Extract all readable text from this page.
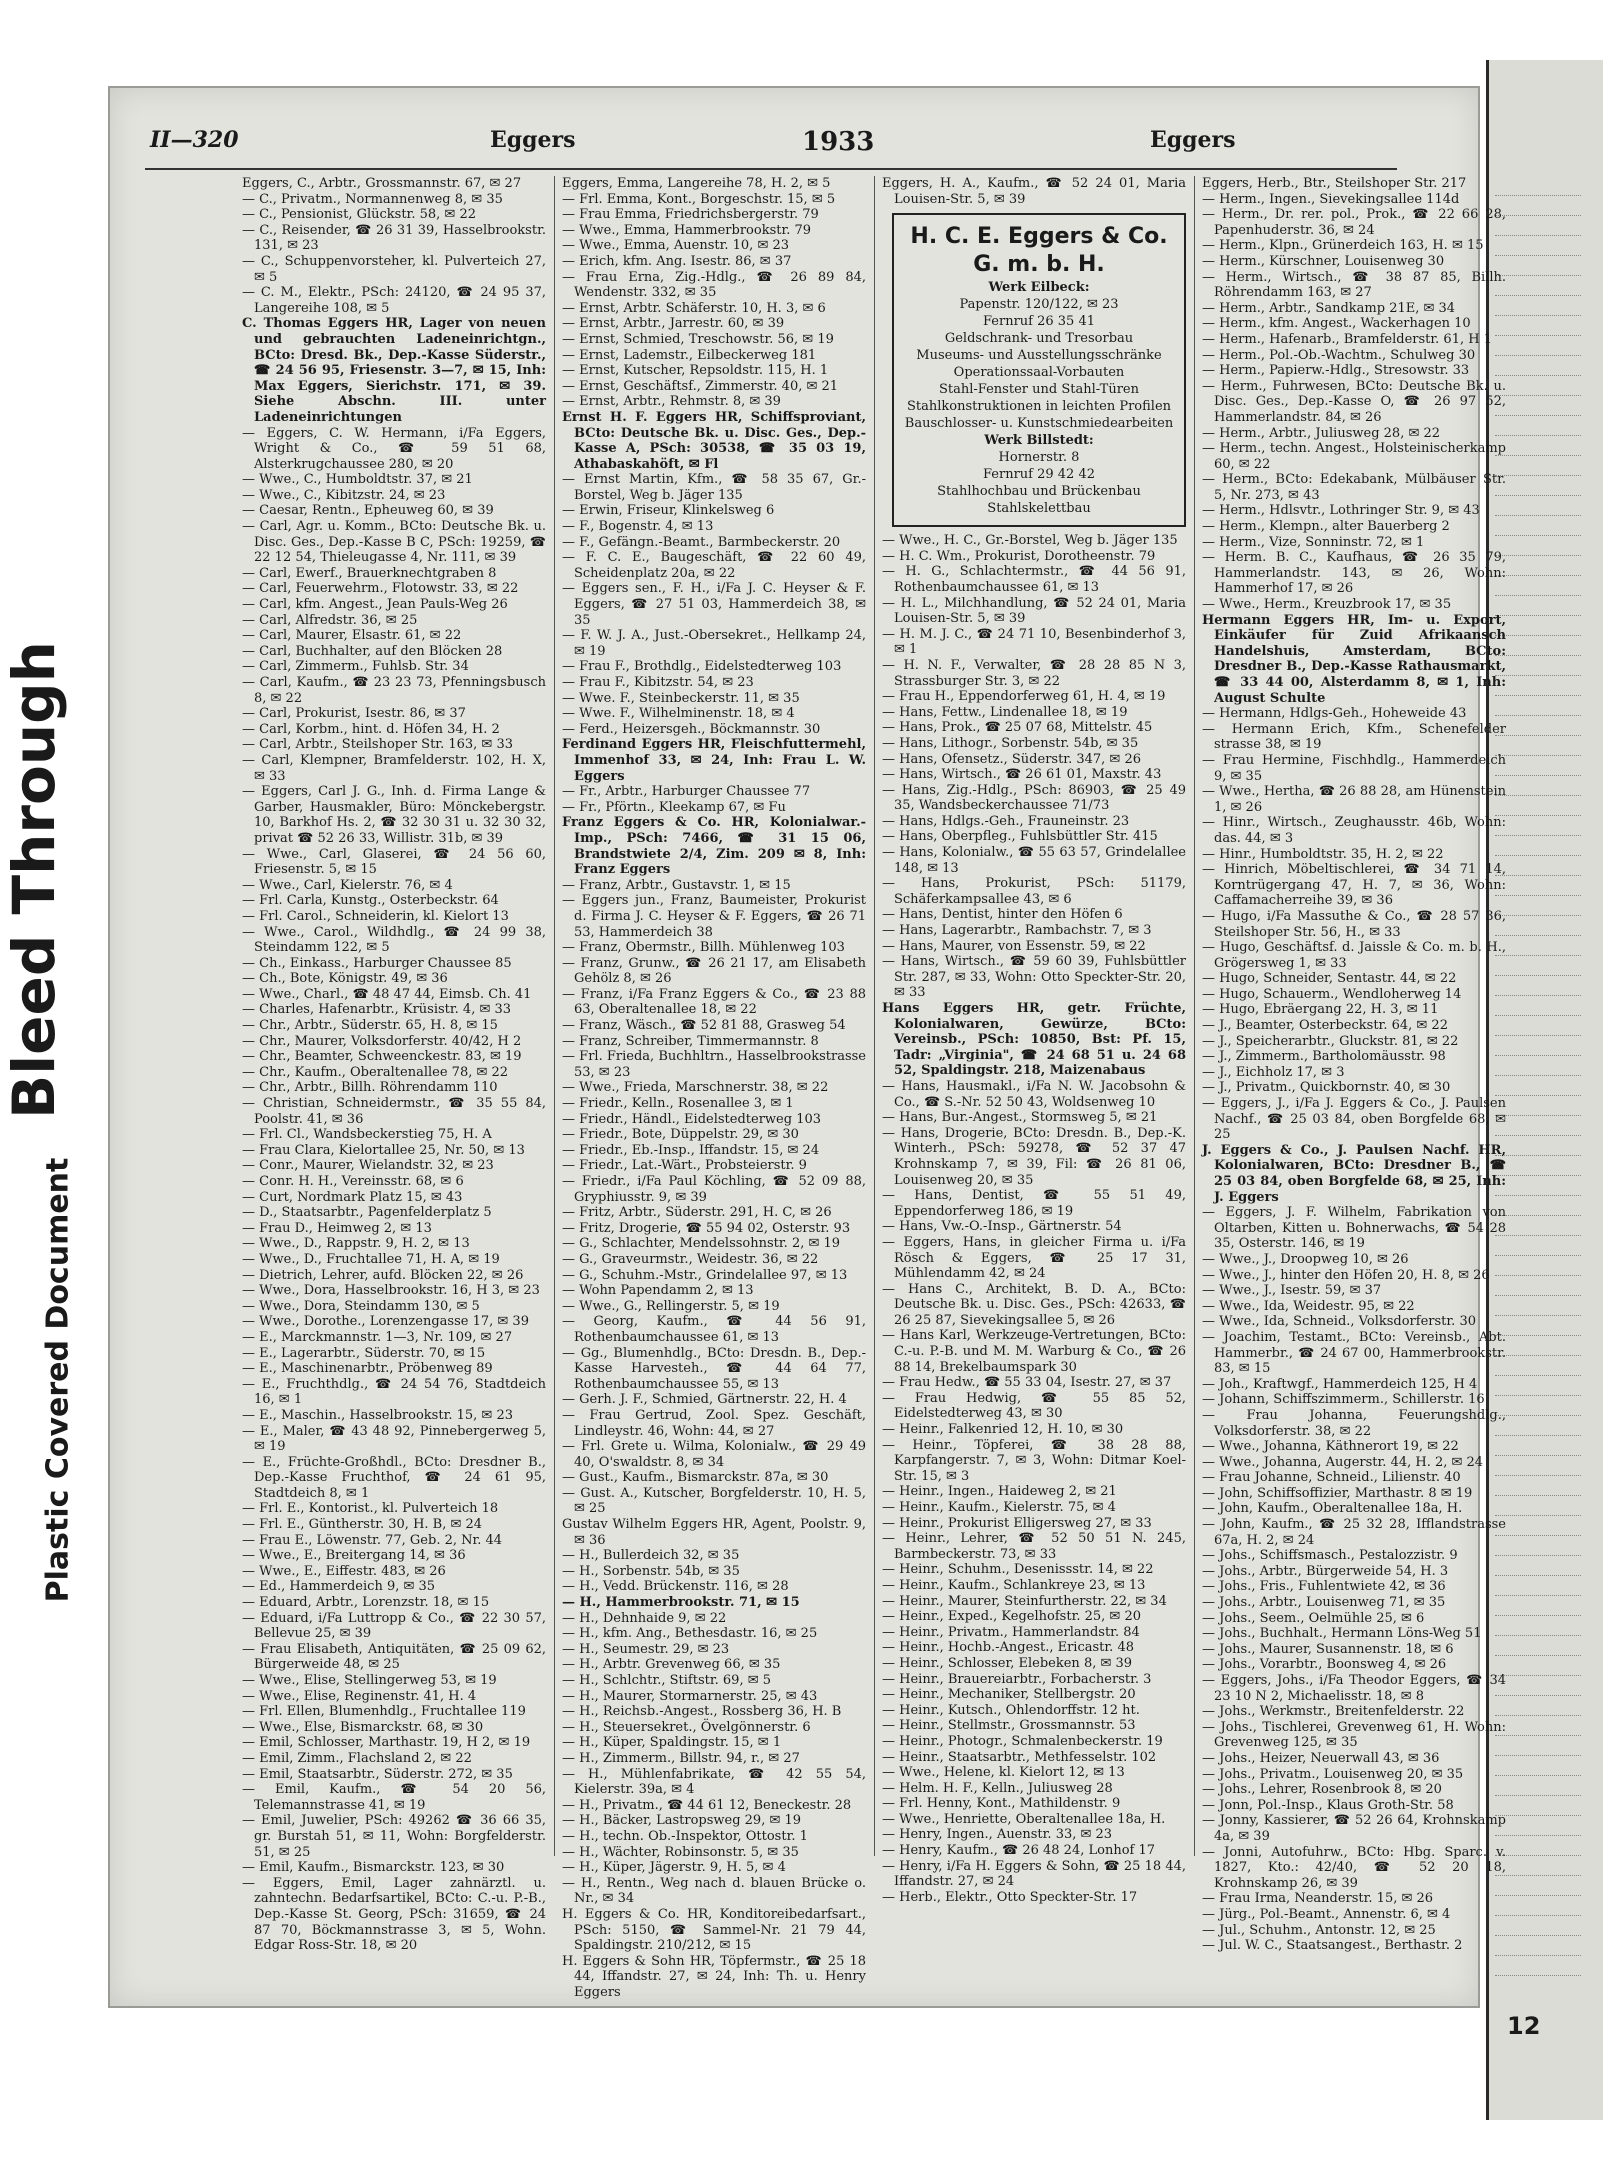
Bleed Through
Plastic Covered Document
12
II—320	Eggers	1933	Eggers
Eggers, C., Arbtr., Grossmannstr. 67, ✉ 27
— C., Privatm., Normannenweg 8, ✉ 35
— C., Pensionist, Glückstr. 58, ✉ 22
— C., Reisender, ☎ 26 31 39, Hasselbrookstr. 131, ✉ 23
— C., Schuppenvorsteher, kl. Pulverteich 27, ✉ 5
— C. M., Elektr., PSch: 24120, ☎ 24 95 37, Langereihe 108, ✉ 5
C. Thomas Eggers HR, Lager von neuen und gebrauchten Ladeneinrichtgn., BCto: Dresd. Bk., Dep.-Kasse Süderstr., ☎ 24 56 95, Friesenstr. 3—7, ✉ 15, Inh: Max Eggers, Sierichstr. 171, ✉ 39. Siehe Abschn. III. unter Ladeneinrichtungen
— Eggers, C. W. Hermann, i/Fa Eggers, Wright & Co., ☎ 59 51 68, Alsterkrugchaussee 280, ✉ 20
— Wwe., C., Humboldtstr. 37, ✉ 21
— Wwe., C., Kibitzstr. 24, ✉ 23
— Caesar, Rentn., Epheuweg 60, ✉ 39
— Carl, Agr. u. Komm., BCto: Deutsche Bk. u. Disc. Ges., Dep.-Kasse B C, PSch: 19259, ☎ 22 12 54, Thieleugasse 4, Nr. 111, ✉ 39
— Carl, Ewerf., Brauerknechtgraben 8
— Carl, Feuerwehrm., Flotowstr. 33, ✉ 22
— Carl, kfm. Angest., Jean Pauls-Weg 26
— Carl, Alfredstr. 36, ✉ 25
— Carl, Maurer, Elsastr. 61, ✉ 22
— Carl, Buchhalter, auf den Blöcken 28
— Carl, Zimmerm., Fuhlsb. Str. 34
— Carl, Kaufm., ☎ 23 23 73, Pfenningsbusch 8, ✉ 22
— Carl, Prokurist, Isestr. 86, ✉ 37
— Carl, Korbm., hint. d. Höfen 34, H. 2
— Carl, Arbtr., Steilshoper Str. 163, ✉ 33
— Carl, Klempner, Bramfelderstr. 102, H. X, ✉ 33
— Eggers, Carl J. G., Inh. d. Firma Lange & Garber, Hausmakler, Büro: Mönckebergstr. 10, Barkhof Hs. 2, ☎ 32 30 31 u. 32 30 32, privat ☎ 52 26 33, Willistr. 31b, ✉ 39
— Wwe., Carl, Glaserei, ☎ 24 56 60, Friesenstr. 5, ✉ 15
— Wwe., Carl, Kielerstr. 76, ✉ 4
— Frl. Carla, Kunstg., Osterbeckstr. 64
— Frl. Carol., Schneiderin, kl. Kielort 13
— Wwe., Carol., Wildhdlg., ☎ 24 99 38, Steindamm 122, ✉ 5
— Ch., Einkass., Harburger Chaussee 85
— Ch., Bote, Königstr. 49, ✉ 36
— Wwe., Charl., ☎ 48 47 44, Eimsb. Ch. 41
— Charles, Hafenarbtr., Krüsistr. 4, ✉ 33
— Chr., Arbtr., Süderstr. 65, H. 8, ✉ 15
— Chr., Maurer, Volksdorferstr. 40/42, H 2
— Chr., Beamter, Schweenckestr. 83, ✉ 19
— Chr., Kaufm., Oberaltenallee 78, ✉ 22
— Chr., Arbtr., Billh. Röhrendamm 110
— Christian, Schneidermstr., ☎ 35 55 84, Poolstr. 41, ✉ 36
— Frl. Cl., Wandsbeckerstieg 75, H. A
— Frau Clara, Kielortallee 25, Nr. 50, ✉ 13
— Conr., Maurer, Wielandstr. 32, ✉ 23
— Conr. H. H., Vereinsstr. 68, ✉ 6
— Curt, Nordmark Platz 15, ✉ 43
— D., Staatsarbtr., Pagenfelderplatz 5
— Frau D., Heimweg 2, ✉ 13
— Wwe., D., Rappstr. 9, H. 2, ✉ 13
— Wwe., D., Fruchtallee 71, H. A, ✉ 19
— Dietrich, Lehrer, aufd. Blöcken 22, ✉ 26
— Wwe., Dora, Hasselbrookstr. 16, H 3, ✉ 23
— Wwe., Dora, Steindamm 130, ✉ 5
— Wwe., Dorothe., Lorenzengasse 17, ✉ 39
— E., Marckmannstr. 1—3, Nr. 109, ✉ 27
— E., Lagerarbtr., Süderstr. 70, ✉ 15
— E., Maschinenarbtr., Pröbenweg 89
— E., Fruchthdlg., ☎ 24 54 76, Stadtdeich 16, ✉ 1
— E., Maschin., Hasselbrookstr. 15, ✉ 23
— E., Maler, ☎ 43 48 92, Pinnebergerweg 5, ✉ 19
— E., Früchte-Großhdl., BCto: Dresdner B., Dep.-Kasse Fruchthof, ☎ 24 61 95, Stadtdeich 8, ✉ 1
— Frl. E., Kontorist., kl. Pulverteich 18
— Frl. E., Güntherstr. 30, H. B, ✉ 24
— Frau E., Löwenstr. 77, Geb. 2, Nr. 44
— Wwe., E., Breitergang 14, ✉ 36
— Wwe., E., Eiffestr. 483, ✉ 26
— Ed., Hammerdeich 9, ✉ 35
— Eduard, Arbtr., Lorenzstr. 18, ✉ 15
— Eduard, i/Fa Luttropp & Co., ☎ 22 30 57, Bellevue 25, ✉ 39
— Frau Elisabeth, Antiquitäten, ☎ 25 09 62, Bürgerweide 48, ✉ 25
— Wwe., Elise, Stellingerweg 53, ✉ 19
— Wwe., Elise, Reginenstr. 41, H. 4
— Frl. Ellen, Blumenhdlg., Fruchtallee 119
— Wwe., Else, Bismarckstr. 68, ✉ 30
— Emil, Schlosser, Marthastr. 19, H 2, ✉ 19
— Emil, Zimm., Flachsland 2, ✉ 22
— Emil, Staatsarbtr., Süderstr. 272, ✉ 35
— Emil, Kaufm., ☎ 54 20 56, Telemannstrasse 41, ✉ 19
— Emil, Juwelier, PSch: 49262 ☎ 36 66 35, gr. Burstah 51, ✉ 11, Wohn: Borgfelderstr. 51, ✉ 25
— Emil, Kaufm., Bismarckstr. 123, ✉ 30
— Eggers, Emil, Lager zahnärztl. u. zahntechn. Bedarfsartikel, BCto: C.-u. P.-B., Dep.-Kasse St. Georg, PSch: 31659, ☎ 24 87 70, Böckmannstrasse 3, ✉ 5, Wohn. Edgar Ross-Str. 18, ✉ 20
Eggers, Emma, Langereihe 78, H. 2, ✉ 5
— Frl. Emma, Kont., Borgeschstr. 15, ✉ 5
— Frau Emma, Friedrichsbergerstr. 79
— Wwe., Emma, Hammerbrookstr. 79
— Wwe., Emma, Auenstr. 10, ✉ 23
— Erich, kfm. Ang. Isestr. 86, ✉ 37
— Frau Erna, Zig.-Hdlg., ☎ 26 89 84, Wendenstr. 332, ✉ 35
— Ernst, Arbtr. Schäferstr. 10, H. 3, ✉ 6
— Ernst, Arbtr., Jarrestr. 60, ✉ 39
— Ernst, Schmied, Treschowstr. 56, ✉ 19
— Ernst, Lademstr., Eilbeckerweg 181
— Ernst, Kutscher, Repsoldstr. 115, H. 1
— Ernst, Geschäftsf., Zimmerstr. 40, ✉ 21
— Ernst, Arbtr., Rehmstr. 8, ✉ 39
Ernst H. F. Eggers HR, Schiffsproviant, BCto: Deutsche Bk. u. Disc. Ges., Dep.-Kasse A, PSch: 30538, ☎ 35 03 19, Athabaskahöft, ✉ Fl
— Ernst Martin, Kfm., ☎ 58 35 67, Gr.-Borstel, Weg b. Jäger 135
— Erwin, Friseur, Klinkelsweg 6
— F., Bogenstr. 4, ✉ 13
— F., Gefängn.-Beamt., Barmbeckerstr. 20
— F. C. E., Baugeschäft, ☎ 22 60 49, Scheidenplatz 20a, ✉ 22
— Eggers sen., F. H., i/Fa J. C. Heyser & F. Eggers, ☎ 27 51 03, Hammerdeich 38, ✉ 35
— F. W. J. A., Just.-Obersekret., Hellkamp 24, ✉ 19
— Frau F., Brothdlg., Eidelstedterweg 103
— Frau F., Kibitzstr. 54, ✉ 23
— Wwe. F., Steinbeckerstr. 11, ✉ 35
— Wwe. F., Wilhelminenstr. 18, ✉ 4
— Ferd., Heizersgeh., Böckmannstr. 30
Ferdinand Eggers HR, Fleischfuttermehl, Immenhof 33, ✉ 24, Inh: Frau L. W. Eggers
— Fr., Arbtr., Harburger Chaussee 77
— Fr., Pförtn., Kleekamp 67, ✉ Fu
Franz Eggers & Co. HR, Kolonialwar.-Imp., PSch: 7466, ☎ 31 15 06, Brandstwiete 2/4, Zim. 209 ✉ 8, Inh: Franz Eggers
— Franz, Arbtr., Gustavstr. 1, ✉ 15
— Eggers jun., Franz, Baumeister, Prokurist d. Firma J. C. Heyser & F. Eggers, ☎ 26 71 53, Hammerdeich 38
— Franz, Obermstr., Billh. Mühlenweg 103
— Franz, Grunw., ☎ 26 21 17, am Elisabeth Gehölz 8, ✉ 26
— Franz, i/Fa Franz Eggers & Co., ☎ 23 88 63, Oberaltenallee 18, ✉ 22
— Franz, Wäsch., ☎ 52 81 88, Grasweg 54
— Franz, Schreiber, Timmermannstr. 8
— Frl. Frieda, Buchhltrn., Hasselbrookstrasse 53, ✉ 23
— Wwe., Frieda, Marschnerstr. 38, ✉ 22
— Friedr., Kelln., Rosenallee 3, ✉ 1
— Friedr., Händl., Eidelstedterweg 103
— Friedr., Bote, Düppelstr. 29, ✉ 30
— Friedr., Eb.-Insp., Iffandstr. 15, ✉ 24
— Friedr., Lat.-Wärt., Probsteierstr. 9
— Friedr., i/Fa Paul Köchling, ☎ 52 09 88, Gryphiusstr. 9, ✉ 39
— Fritz, Arbtr., Süderstr. 291, H. C, ✉ 26
— Fritz, Drogerie, ☎ 55 94 02, Osterstr. 93
— G., Schlachter, Mendelssohnstr. 2, ✉ 19
— G., Graveurmstr., Weidestr. 36, ✉ 22
— G., Schuhm.-Mstr., Grindelallee 97, ✉ 13
— Wohn Papendamm 2, ✉ 13
— Wwe., G., Rellingerstr. 5, ✉ 19
— Georg, Kaufm., ☎ 44 56 91, Rothenbaumchaussee 61, ✉ 13
— Gg., Blumenhdlg., BCto: Dresdn. B., Dep.-Kasse Harvesteh., ☎ 44 64 77, Rothenbaumchaussee 55, ✉ 13
— Gerh. J. F., Schmied, Gärtnerstr. 22, H. 4
— Frau Gertrud, Zool. Spez. Geschäft, Lindleystr. 46, Wohn: 44, ✉ 27
— Frl. Grete u. Wilma, Kolonialw., ☎ 29 49 40, O'swaldstr. 8, ✉ 34
— Gust., Kaufm., Bismarckstr. 87a, ✉ 30
— Gust. A., Kutscher, Borgfelderstr. 10, H. 5, ✉ 25
Gustav Wilhelm Eggers HR, Agent, Poolstr. 9, ✉ 36
— H., Bullerdeich 32, ✉ 35
— H., Sorbenstr. 54b, ✉ 35
— H., Vedd. Brückenstr. 116, ✉ 28
— H., Hammerbrookstr. 71, ✉ 15
— H., Dehnhaide 9, ✉ 22
— H., kfm. Ang., Bethesdastr. 16, ✉ 25
— H., Seumestr. 29, ✉ 23
— H., Arbtr. Grevenweg 66, ✉ 35
— H., Schlchtr., Stiftstr. 69, ✉ 5
— H., Maurer, Stormarnerstr. 25, ✉ 43
— H., Reichsb.-Angest., Rossberg 36, H. B
— H., Steuersekret., Övelgönnerstr. 6
— H., Küper, Spaldingstr. 15, ✉ 1
— H., Zimmerm., Billstr. 94, r., ✉ 27
— H., Mühlenfabrikate, ☎ 42 55 54, Kielerstr. 39a, ✉ 4
— H., Privatm., ☎ 44 61 12, Beneckestr. 28
— H., Bäcker, Lastropsweg 29, ✉ 19
— H., techn. Ob.-Inspektor, Ottostr. 1
— H., Wächter, Robinsonstr. 5, ✉ 35
— H., Küper, Jägerstr. 9, H. 5, ✉ 4
— H., Rentn., Weg nach d. blauen Brücke o. Nr., ✉ 34
H. Eggers & Co. HR, Konditoreibedarfsart., PSch: 5150, ☎ Sammel-Nr. 21 79 44, Spaldingstr. 210/212, ✉ 15
H. Eggers & Sohn HR, Töpfermstr., ☎ 25 18 44, Iffandstr. 27, ✉ 24, Inh: Th. u. Henry Eggers
Eggers, H. A., Kaufm., ☎ 52 24 01, Maria Louisen-Str. 5, ✉ 39
H. C. E. Eggers & Co.
G. m. b. H.
Werk Eilbeck:
Papenstr. 120/122, ✉ 23
Fernruf 26 35 41
Geldschrank- und Tresorbau
Museums- und Ausstellungsschränke
Operationssaal-Vorbauten
Stahl-Fenster und Stahl-Türen
Stahlkonstruktionen in leichten Profilen
Bauschlosser- u. Kunstschmiedearbeiten
Werk Billstedt:
Hornerstr. 8
Fernruf 29 42 42
Stahlhochbau und Brückenbau
Stahlskelettbau
— Wwe., H. C., Gr.-Borstel, Weg b. Jäger 135
— H. C. Wm., Prokurist, Dorotheenstr. 79
— H. G., Schlachtermstr., ☎ 44 56 91, Rothenbaumchaussee 61, ✉ 13
— H. L., Milchhandlung, ☎ 52 24 01, Maria Louisen-Str. 5, ✉ 39
— H. M. J. C., ☎ 24 71 10, Besenbinderhof 3, ✉ 1
— H. N. F., Verwalter, ☎ 28 28 85 N 3, Strassburger Str. 3, ✉ 22
— Frau H., Eppendorferweg 61, H. 4, ✉ 19
— Hans, Fettw., Lindenallee 18, ✉ 19
— Hans, Prok., ☎ 25 07 68, Mittelstr. 45
— Hans, Lithogr., Sorbenstr. 54b, ✉ 35
— Hans, Ofensetz., Süderstr. 347, ✉ 26
— Hans, Wirtsch., ☎ 26 61 01, Maxstr. 43
— Hans, Zig.-Hdlg., PSch: 86903, ☎ 25 49 35, Wandsbeckerchaussee 71/73
— Hans, Hdlgs.-Geh., Frauneinstr. 23
— Hans, Oberpfleg., Fuhlsbüttler Str. 415
— Hans, Kolonialw., ☎ 55 63 57, Grindelallee 148, ✉ 13
— Hans, Prokurist, PSch: 51179, Schäferkampsallee 43, ✉ 6
— Hans, Dentist, hinter den Höfen 6
— Hans, Lagerarbtr., Rambachstr. 7, ✉ 3
— Hans, Maurer, von Essenstr. 59, ✉ 22
— Hans, Wirtsch., ☎ 59 60 39, Fuhlsbüttler Str. 287, ✉ 33, Wohn: Otto Speckter-Str. 20, ✉ 33
Hans Eggers HR, getr. Früchte, Kolonialwaren, Gewürze, BCto: Vereinsb., PSch: 10850, Bst: Pf. 15, Tadr: „Virginia", ☎ 24 68 51 u. 24 68 52, Spaldingstr. 218, Maizenabaus
— Hans, Hausmakl., i/Fa N. W. Jacobsohn & Co., ☎ S.-Nr. 52 50 43, Woldsenweg 10
— Hans, Bur.-Angest., Stormsweg 5, ✉ 21
— Hans, Drogerie, BCto: Dresdn. B., Dep.-K. Winterh., PSch: 59278, ☎ 52 37 47 Krohnskamp 7, ✉ 39, Fil: ☎ 26 81 06, Louisenweg 20, ✉ 35
— Hans, Dentist, ☎ 55 51 49, Eppendorferweg 186, ✉ 19
— Hans, Vw.-O.-Insp., Gärtnerstr. 54
— Eggers, Hans, in gleicher Firma u. i/Fa Rösch & Eggers, ☎ 25 17 31, Mühlendamm 42, ✉ 24
— Hans C., Architekt, B. D. A., BCto: Deutsche Bk. u. Disc. Ges., PSch: 42633, ☎ 26 25 87, Sievekingsallee 5, ✉ 26
— Hans Karl, Werkzeuge-Vertretungen, BCto: C.-u. P.-B. und M. M. Warburg & Co., ☎ 26 88 14, Brekelbaumspark 30
— Frau Hedw., ☎ 55 33 04, Isestr. 27, ✉ 37
— Frau Hedwig, ☎ 55 85 52, Eidelstedterweg 43, ✉ 30
— Heinr., Falkenried 12, H. 10, ✉ 30
— Heinr., Töpferei, ☎ 38 28 88, Karpfangerstr. 7, ✉ 3, Wohn: Ditmar Koel-Str. 15, ✉ 3
— Heinr., Ingen., Haideweg 2, ✉ 21
— Heinr., Kaufm., Kielerstr. 75, ✉ 4
— Heinr., Prokurist Elligersweg 27, ✉ 33
— Heinr., Lehrer, ☎ 52 50 51 N. 245, Barmbeckerstr. 73, ✉ 33
— Heinr., Schuhm., Desenissstr. 14, ✉ 22
— Heinr., Kaufm., Schlankreye 23, ✉ 13
— Heinr., Maurer, Steinfurtherstr. 22, ✉ 34
— Heinr., Exped., Kegelhofstr. 25, ✉ 20
— Heinr., Privatm., Hammerlandstr. 84
— Heinr., Hochb.-Angest., Ericastr. 48
— Heinr., Schlosser, Elebeken 8, ✉ 39
— Heinr., Brauereiarbtr., Forbacherstr. 3
— Heinr., Mechaniker, Stellbergstr. 20
— Heinr., Kutsch., Ohlendorffstr. 12 ht.
— Heinr., Stellmstr., Grossmannstr. 53
— Heinr., Photogr., Schmalenbeckerstr. 19
— Heinr., Staatsarbtr., Methfesselstr. 102
— Wwe., Helene, kl. Kielort 12, ✉ 13
— Helm. H. F., Kelln., Juliusweg 28
— Frl. Henny, Kont., Mathildenstr. 9
— Wwe., Henriette, Oberaltenallee 18a, H.
— Henry, Ingen., Auenstr. 33, ✉ 23
— Henry, Kaufm., ☎ 26 48 24, Lonhof 17
— Henry, i/Fa H. Eggers & Sohn, ☎ 25 18 44, Iffandstr. 27, ✉ 24
— Herb., Elektr., Otto Speckter-Str. 17
Eggers, Herb., Btr., Steilshoper Str. 217
— Herm., Ingen., Sievekingsallee 114d
— Herm., Dr. rer. pol., Prok., ☎ 22 66 28, Papenhuderstr. 36, ✉ 24
— Herm., Klpn., Grünerdeich 163, H. ✉ 15
— Herm., Kürschner, Louisenweg 30
— Herm., Wirtsch., ☎ 38 87 85, Billh. Röhrendamm 163, ✉ 27
— Herm., Arbtr., Sandkamp 21E, ✉ 34
— Herm., kfm. Angest., Wackerhagen 10
— Herm., Hafenarb., Bramfelderstr. 61, H 1
— Herm., Pol.-Ob.-Wachtm., Schulweg 30
— Herm., Papierw.-Hdlg., Stresowstr. 33
— Herm., Fuhrwesen, BCto: Deutsche Bk. u. Disc. Ges., Dep.-Kasse O, ☎ 26 97 52, Hammerlandstr. 84, ✉ 26
— Herm., Arbtr., Juliusweg 28, ✉ 22
— Herm., techn. Angest., Holsteinischerkamp 60, ✉ 22
— Herm., BCto: Edekabank, Mülbäuser Str. 5, Nr. 273, ✉ 43
— Herm., Hdlsvtr., Lothringer Str. 9, ✉ 43
— Herm., Klempn., alter Bauerberg 2
— Herm., Vize, Sonninstr. 72, ✉ 1
— Herm. B. C., Kaufhaus, ☎ 26 35 79, Hammerlandstr. 143, ✉ 26, Wohn: Hammerhof 17, ✉ 26
— Wwe., Herm., Kreuzbrook 17, ✉ 35
Hermann Eggers HR, Im- u. Export, Einkäufer für Zuid Afrikaansch Handelshuis, Amsterdam, BCto: Dresdner B., Dep.-Kasse Rathausmarkt, ☎ 33 44 00, Alsterdamm 8, ✉ 1, Inh: August Schulte
— Hermann, Hdlgs-Geh., Hoheweide 43
— Hermann Erich, Kfm., Schenefelder strasse 38, ✉ 19
— Frau Hermine, Fischhdlg., Hammerdeich 9, ✉ 35
— Wwe., Hertha, ☎ 26 88 28, am Hünenstein 1, ✉ 26
— Hinr., Wirtsch., Zeughausstr. 46b, Wohn: das. 44, ✉ 3
— Hinr., Humboldtstr. 35, H. 2, ✉ 22
— Hinrich, Möbeltischlerei, ☎ 34 71 14, Korntrügergang 47, H. 7, ✉ 36, Wohn: Caffamacherreihe 39, ✉ 36
— Hugo, i/Fa Massuthe & Co., ☎ 28 57 36, Steilshoper Str. 56, H., ✉ 33
— Hugo, Geschäftsf. d. Jaissle & Co. m. b. H., Grögersweg 1, ✉ 33
— Hugo, Schneider, Sentastr. 44, ✉ 22
— Hugo, Schauerm., Wendloherweg 14
— Hugo, Ebräergang 22, H. 3, ✉ 11
— J., Beamter, Osterbeckstr. 64, ✉ 22
— J., Speicherarbtr., Gluckstr. 81, ✉ 22
— J., Zimmerm., Bartholomäusstr. 98
— J., Eichholz 17, ✉ 3
— J., Privatm., Quickbornstr. 40, ✉ 30
— Eggers, J., i/Fa J. Eggers & Co., J. Paulsen Nachf., ☎ 25 03 84, oben Borgfelde 68, ✉ 25
J. Eggers & Co., J. Paulsen Nachf. HR, Kolonialwaren, BCto: Dresdner B., ☎ 25 03 84, oben Borgfelde 68, ✉ 25, Inh: J. Eggers
— Eggers, J. F. Wilhelm, Fabrikation von Oltarben, Kitten u. Bohnerwachs, ☎ 54 28 35, Osterstr. 146, ✉ 19
— Wwe., J., Droopweg 10, ✉ 26
— Wwe., J., hinter den Höfen 20, H. 8, ✉ 26
— Wwe., J., Isestr. 59, ✉ 37
— Wwe., Ida, Weidestr. 95, ✉ 22
— Wwe., Ida, Schneid., Volksdorferstr. 30
— Joachim, Testamt., BCto: Vereinsb., Abt. Hammerbr., ☎ 24 67 00, Hammerbrookstr. 83, ✉ 15
— Joh., Kraftwgf., Hammerdeich 125, H 4
— Johann, Schiffszimmerm., Schillerstr. 16
— Frau Johanna, Feuerungshdlg., Volksdorferstr. 38, ✉ 22
— Wwe., Johanna, Käthnerort 19, ✉ 22
— Wwe., Johanna, Augerstr. 44, H. 2, ✉ 24
— Frau Johanne, Schneid., Lilienstr. 40
— John, Schiffsoffizier, Marthastr. 8 ✉ 19
— John, Kaufm., Oberaltenallee 18a, H.
— John, Kaufm., ☎ 25 32 28, Ifflandstrasse 67a, H. 2, ✉ 24
— Johs., Schiffsmasch., Pestalozzistr. 9
— Johs., Arbtr., Bürgerweide 54, H. 3
— Johs., Fris., Fuhlentwiete 42, ✉ 36
— Johs., Arbtr., Louisenweg 71, ✉ 35
— Johs., Seem., Oelmühle 25, ✉ 6
— Johs., Buchhalt., Hermann Löns-Weg 51
— Johs., Maurer, Susannenstr. 18, ✉ 6
— Johs., Vorarbtr., Boonsweg 4, ✉ 26
— Eggers, Johs., i/Fa Theodor Eggers, ☎ 34 23 10 N 2, Michaelisstr. 18, ✉ 8
— Johs., Werkmstr., Breitenfelderstr. 22
— Johs., Tischlerei, Grevenweg 61, H. Wohn: Grevenweg 125, ✉ 35
— Johs., Heizer, Neuerwall 43, ✉ 36
— Johs., Privatm., Louisenweg 20, ✉ 35
— Johs., Lehrer, Rosenbrook 8, ✉ 20
— Jonn, Pol.-Insp., Klaus Groth-Str. 58
— Jonny, Kassierer, ☎ 52 26 64, Krohnskamp 4a, ✉ 39
— Jonni, Autofuhrw., BCto: Hbg. Sparc. v. 1827, Kto.: 42/40, ☎ 52 20 18, Krohnskamp 26, ✉ 39
— Frau Irma, Neanderstr. 15, ✉ 26
— Jürg., Pol.-Beamt., Annenstr. 6, ✉ 4
— Jul., Schuhm., Antonstr. 12, ✉ 25
— Jul. W. C., Staatsangest., Berthastr. 2
